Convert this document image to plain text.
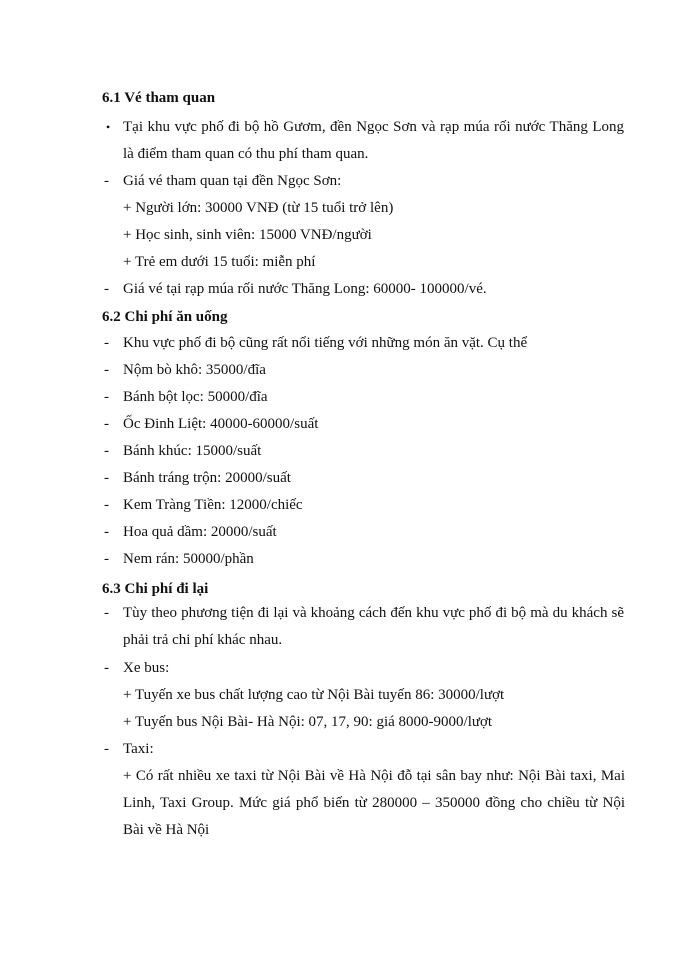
6.1 Vé tham quan
• Tại khu vực phố đi bộ hồ Gươm, đền Ngọc Sơn và rạp múa rối nước Thăng Long là điểm tham quan có thu phí tham quan.
- Giá vé tham quan tại đền Ngọc Sơn:
+ Người lớn: 30000 VNĐ (từ 15 tuổi trở lên)
+ Học sinh, sinh viên: 15000 VNĐ/người
+ Trẻ em dưới 15 tuổi: miễn phí
- Giá vé tại rạp múa rối nước Thăng Long: 60000- 100000/vé.
6.2 Chi phí ăn uống
- Khu vực phố đi bộ cũng rất nổi tiếng với những món ăn vặt. Cụ thể
- Nộm bò khô: 35000/đĩa
- Bánh bột lọc: 50000/đĩa
- Ốc Đinh Liệt: 40000-60000/suất
- Bánh khúc: 15000/suất
- Bánh tráng trộn: 20000/suất
- Kem Tràng Tiền: 12000/chiếc
- Hoa quả dầm: 20000/suất
- Nem rán: 50000/phần
6.3 Chi phí đi lại
- Tùy theo phương tiện đi lại và khoảng cách đến khu vực phố đi bộ mà du khách sẽ phải trả chi phí khác nhau.
- Xe bus:
+ Tuyến xe bus chất lượng cao từ Nội Bài tuyến 86: 30000/lượt
+ Tuyến bus Nội Bài- Hà Nội: 07, 17, 90: giá 8000-9000/lượt
- Taxi:
+ Có rất nhiều xe taxi từ Nội Bài về Hà Nội đỗ tại sân bay như: Nội Bài taxi, Mai Linh, Taxi Group. Mức giá phổ biến từ 280000 – 350000 đồng cho chiều từ Nội Bài về Hà Nội
